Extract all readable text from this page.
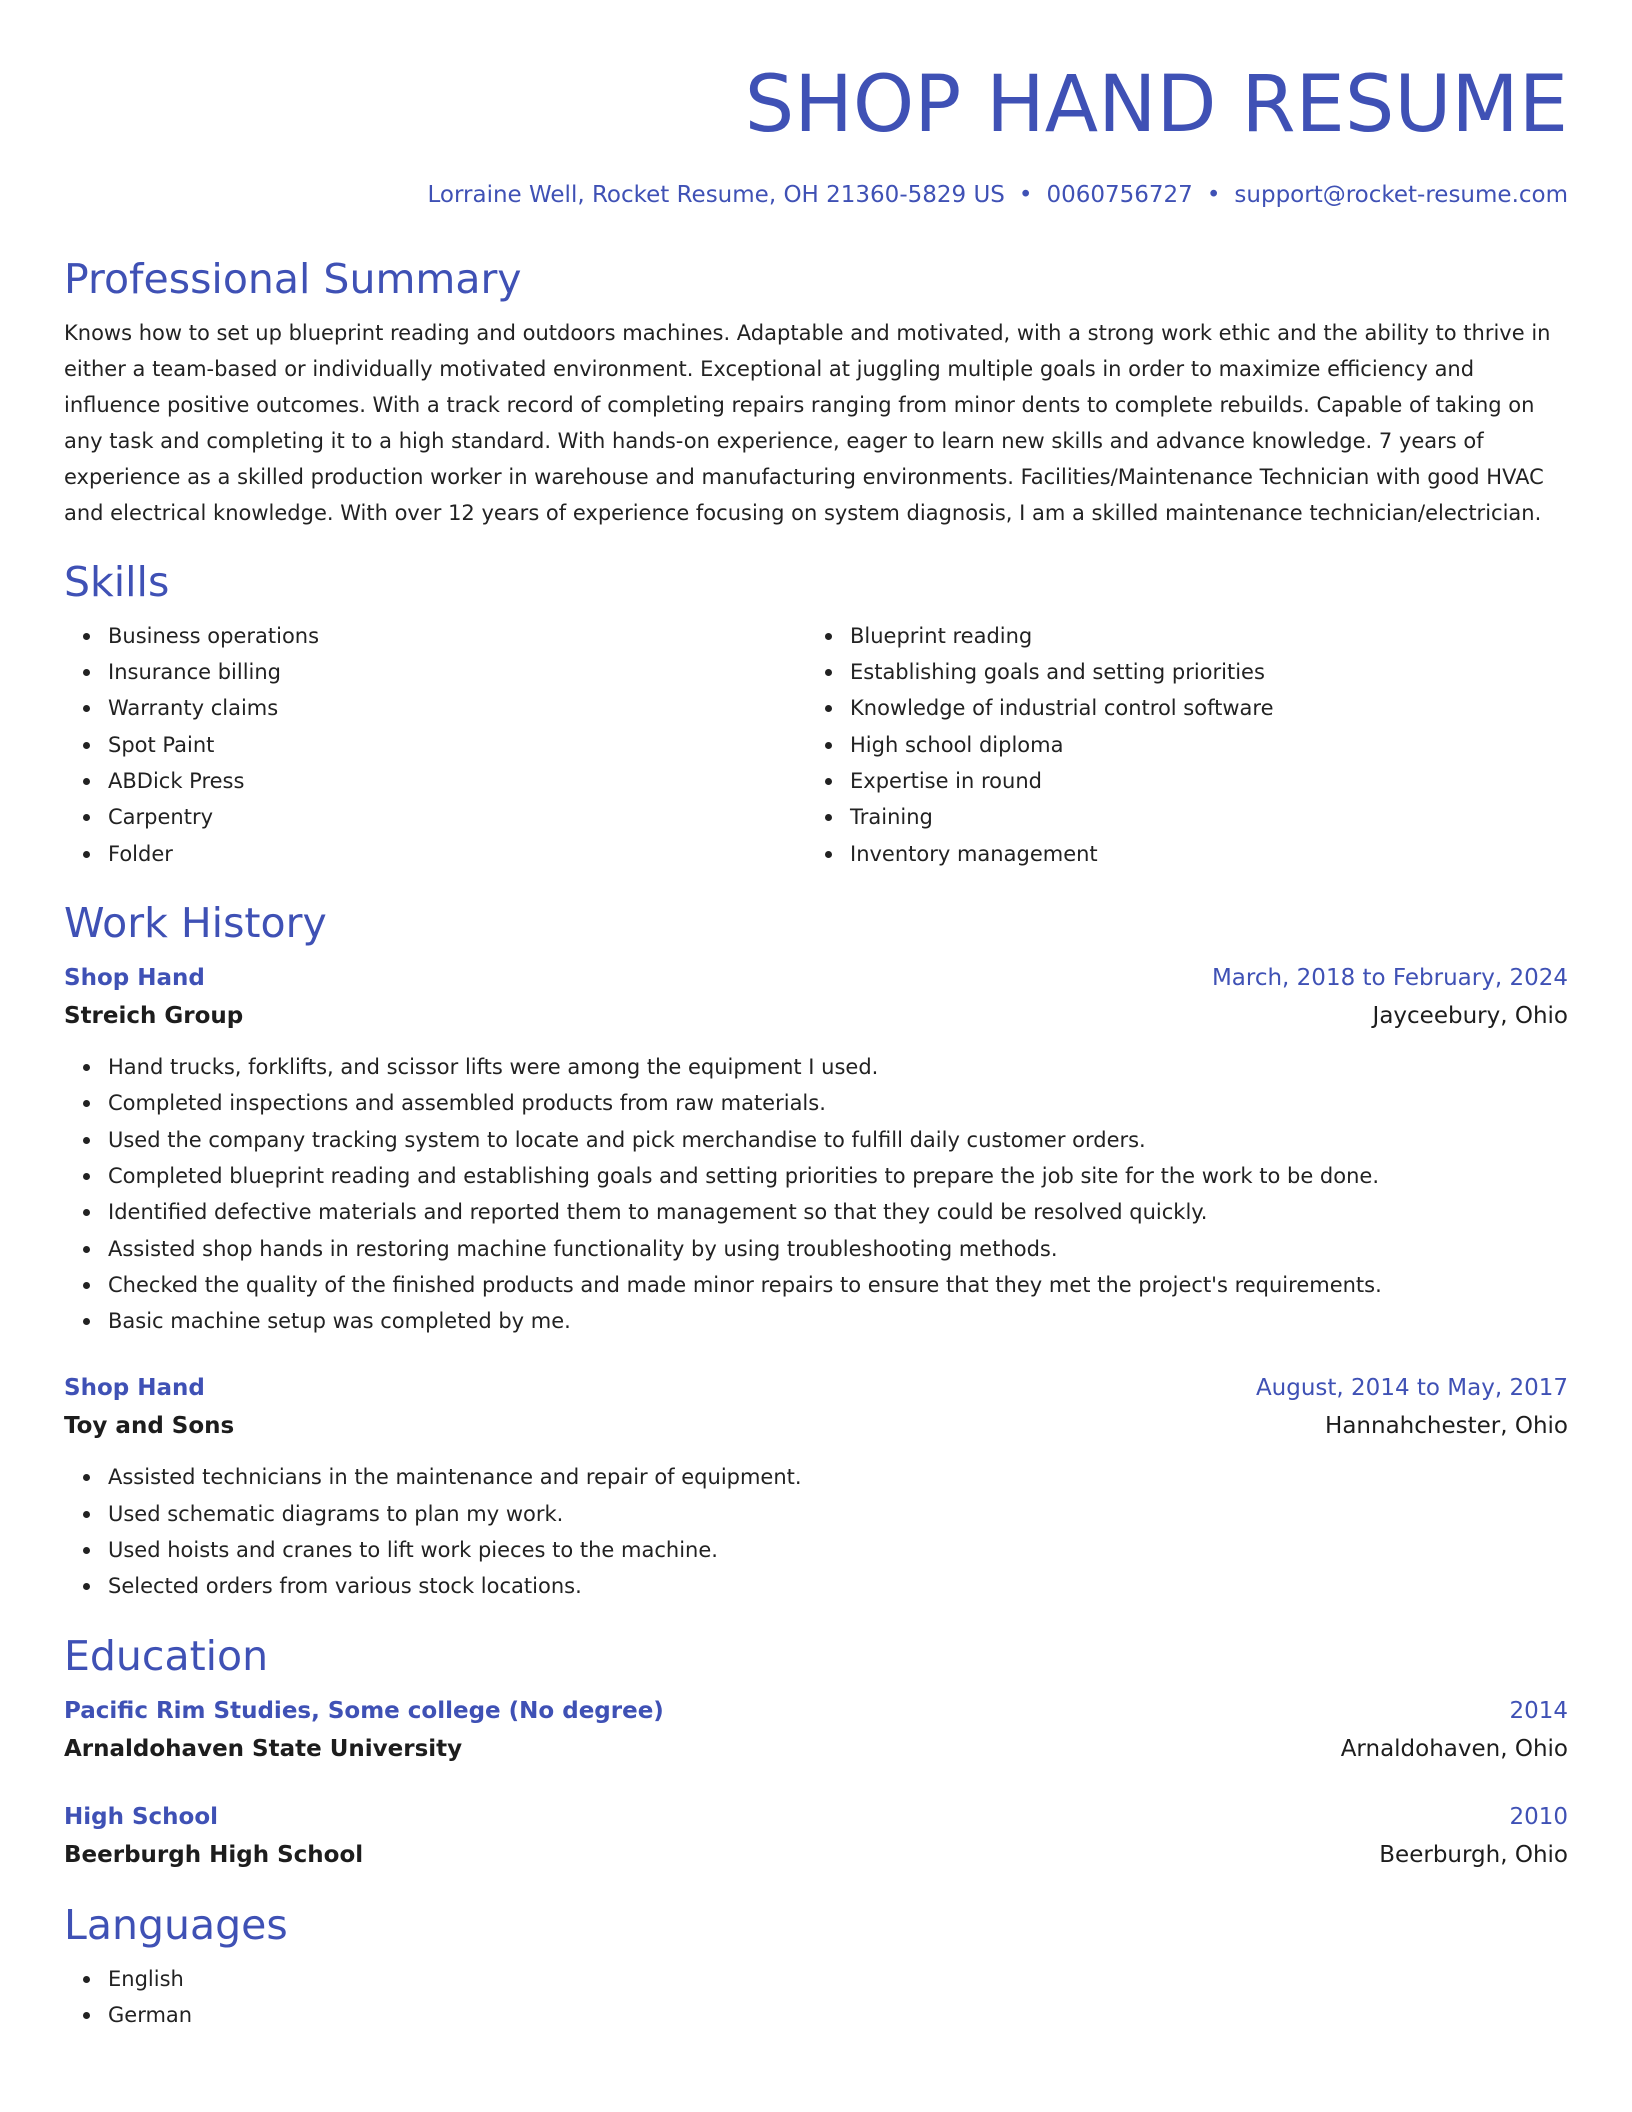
SHOP HAND RESUME
Lorraine Well, Rocket Resume, OH 21360-5829 US • 0060756727 • support@rocket-resume.com
Professional Summary

Knows how to set up blueprint reading and outdoors machines. Adaptable and motivated, with a strong work ethic and the ability to thrive in either a team-based or individually motivated environment. Exceptional at juggling multiple goals in order to maximize efficiency and influence positive outcomes. With a track record of completing repairs ranging from minor dents to complete rebuilds. Capable of taking on any task and completing it to a high standard. With hands-on experience, eager to learn new skills and advance knowledge. 7 years of experience as a skilled production worker in warehouse and manufacturing environments. Facilities/Maintenance Technician with good HVAC and electrical knowledge. With over 12 years of experience focusing on system diagnosis, I am a skilled maintenance technician/electrician.

Skills
Business operations
Insurance billing
Warranty claims
Spot Paint
ABDick Press
Carpentry
Folder
Blueprint reading
Establishing goals and setting priorities
Knowledge of industrial control software
High school diploma
Expertise in round
Training
Inventory management
Work History
Shop Hand	March, 2018 to February, 2024
Streich Group	Jayceebury, Ohio
Hand trucks, forklifts, and scissor lifts were among the equipment I used.
Completed inspections and assembled products from raw materials.
Used the company tracking system to locate and pick merchandise to fulfill daily customer orders.
Completed blueprint reading and establishing goals and setting priorities to prepare the job site for the work to be done.
Identified defective materials and reported them to management so that they could be resolved quickly.
Assisted shop hands in restoring machine functionality by using troubleshooting methods.
Checked the quality of the finished products and made minor repairs to ensure that they met the project's requirements.
Basic machine setup was completed by me.
Shop Hand	August, 2014 to May, 2017
Toy and Sons	Hannahchester, Ohio
Assisted technicians in the maintenance and repair of equipment.
Used schematic diagrams to plan my work.
Used hoists and cranes to lift work pieces to the machine.
Selected orders from various stock locations.
Education
Pacific Rim Studies, Some college (No degree)	2014
Arnaldohaven State University	Arnaldohaven, Ohio
High School	2010
Beerburgh High School	Beerburgh, Ohio
Languages
English
German
